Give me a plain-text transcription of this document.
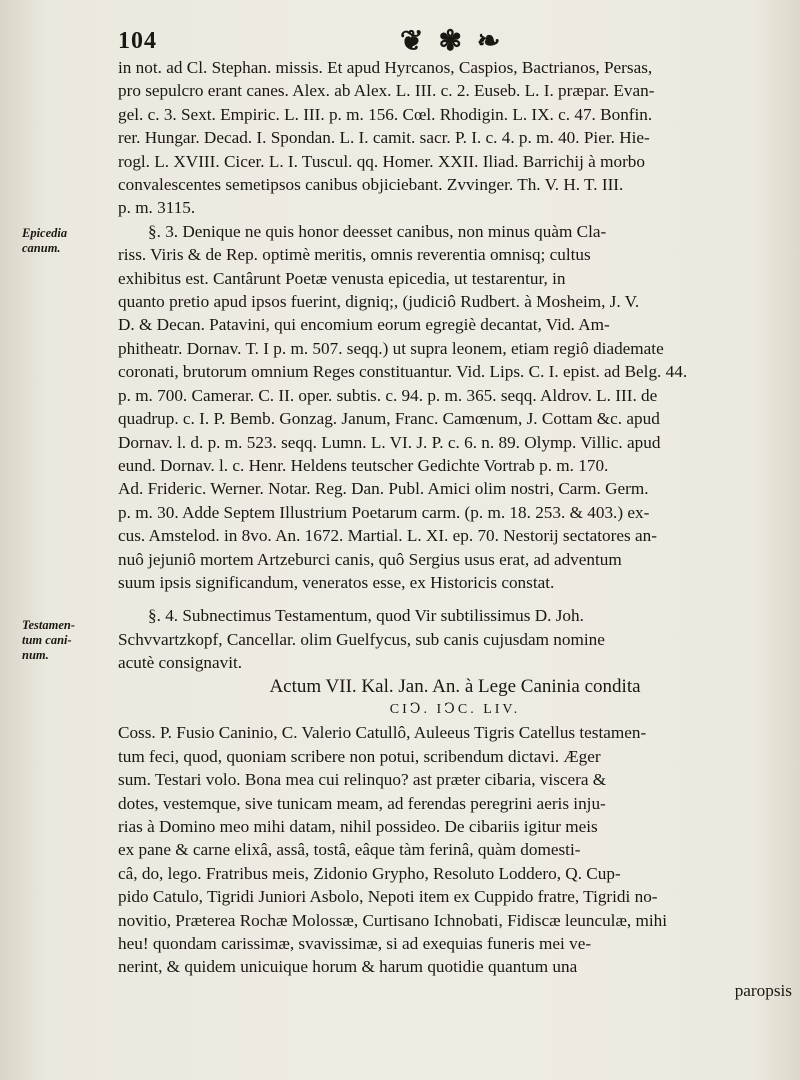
104	❦ ✾ ❧
Epicedia
canum.
Testamen-
tum cani-
num.
in not. ad Cl. Stephan. missis. Et apud Hyrcanos, Caspios, Bactrianos, Persas,
pro sepulcro erant canes. Alex. ab Alex. L. III. c. 2. Euseb. L. I. præpar. Evan-
gel. c. 3. Sext. Empiric. L. III. p. m. 156. Cœl. Rhodigin. L. IX. c. 47. Bonfin.
rer. Hungar. Decad. I. Spondan. L. I. camit. sacr. P. I. c. 4. p. m. 40. Pier. Hie-
rogl. L. XVIII. Cicer. L. I. Tuscul. qq. Homer. XXII. Iliad. Barrichij à morbo
convalescentes semetipsos canibus objiciebant. Zvvinger. Th. V. H. T. III.
p. m. 3115.
§. 3. Denique ne quis honor deesset canibus, non minus quàm Cla-
riss. Viris & de Rep. optimè meritis, omnis reverentia omnisq; cultus
exhibitus est. Cantârunt Poetæ venusta epicedia, ut testarentur, in
quanto pretio apud ipsos fuerint, digniq;, (judiciô Rudbert. à Mosheim, J. V.
D. & Decan. Patavini, qui encomium eorum egregiè decantat, Vid. Am-
phitheatr. Dornav. T. I p. m. 507. seqq.) ut supra leonem, etiam regiô diademate
coronati, brutorum omnium Reges constituantur. Vid. Lips. C. I. epist. ad Belg. 44.
p. m. 700. Camerar. C. II. oper. subtis. c. 94. p. m. 365. seqq. Aldrov. L. III. de
quadrup. c. I. P. Bemb. Gonzag. Janum, Franc. Camœnum, J. Cottam &c. apud
Dornav. l. d. p. m. 523. seqq. Lumn. L. VI. J. P. c. 6. n. 89. Olymp. Villic. apud
eund. Dornav. l. c. Henr. Heldens teutscher Gedichte Vortrab p. m. 170.
Ad. Frideric. Werner. Notar. Reg. Dan. Publ. Amici olim nostri, Carm. Germ.
p. m. 30. Adde Septem Illustrium Poetarum carm. (p. m. 18. 253. & 403.) ex-
cus. Amstelod. in 8vo. An. 1672. Martial. L. XI. ep. 70. Nestorij sectatores an-
nuô jejuniô mortem Artzeburci canis, quô Sergius usus erat, ad adventum
suum ipsis significandum, veneratos esse, ex Historicis constat.
§. 4. Subnectimus Testamentum, quod Vir subtilissimus D. Joh.
Schvvartzkopf, Cancellar. olim Guelfycus, sub canis cujusdam nomine
acutè consignavit.
Actum VII. Kal. Jan. An. à Lege Caninia condita
CIↃ. IↃC. LIV.
Coss. P. Fusio Caninio, C. Valerio Catullô, Auleeus Tigris Catellus testamen-
tum feci, quod, quoniam scribere non potui, scribendum dictavi. Æger
sum. Testari volo. Bona mea cui relinquo? ast præter cibaria, viscera &
dotes, vestemque, sive tunicam meam, ad ferendas peregrini aeris inju-
rias à Domino meo mihi datam, nihil possideo. De cibariis igitur meis
ex pane & carne elixâ, assâ, tostâ, eâque tàm ferinâ, quàm domesti-
câ, do, lego. Fratribus meis, Zidonio Grypho, Resoluto Loddero, Q. Cup-
pido Catulo, Tigridi Juniori Asbolo, Nepoti item ex Cuppido fratre, Tigridi no-
novitio, Præterea Rochæ Molossæ, Curtisano Ichnobati, Fidiscæ leunculæ, mihi
heu! quondam carissimæ, svavissimæ, si ad exequias funeris mei ve-
nerint, & quidem unicuique horum & harum quotidie quantum una
paropsis
